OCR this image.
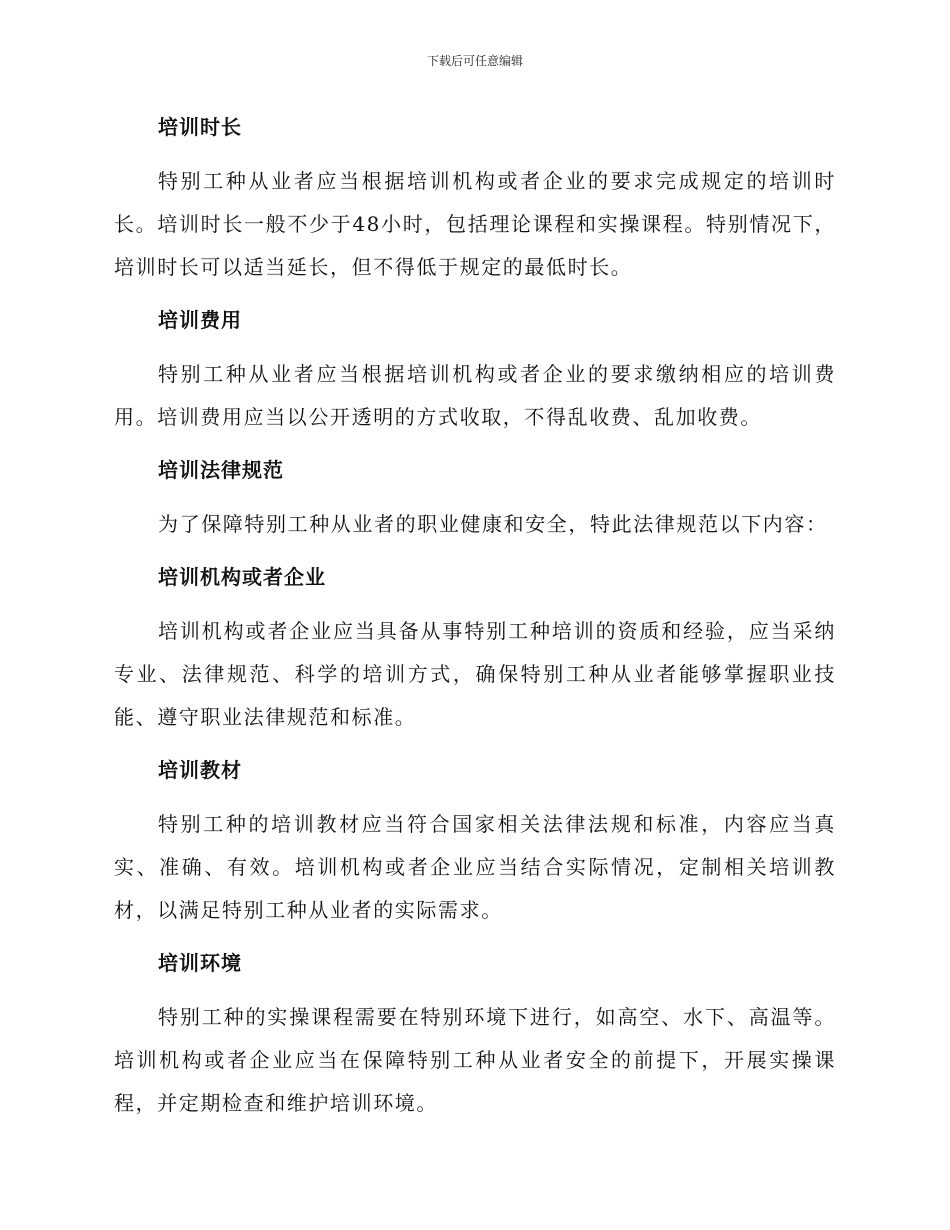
下载后可任意编辑
培训时长

特别工种从业者应当根据培训机构或者企业的要求完成规定的培训时长。培训时长一般不少于48小时，包括理论课程和实操课程。特别情况下，培训时长可以适当延长，但不得低于规定的最低时长。

培训费用

特别工种从业者应当根据培训机构或者企业的要求缴纳相应的培训费用。培训费用应当以公开透明的方式收取，不得乱收费、乱加收费。

培训法律规范

为了保障特别工种从业者的职业健康和安全，特此法律规范以下内容：

培训机构或者企业

培训机构或者企业应当具备从事特别工种培训的资质和经验，应当采纳专业、法律规范、科学的培训方式，确保特别工种从业者能够掌握职业技能、遵守职业法律规范和标准。

培训教材

特别工种的培训教材应当符合国家相关法律法规和标准，内容应当真实、准确、有效。培训机构或者企业应当结合实际情况，定制相关培训教材，以满足特别工种从业者的实际需求。

培训环境

特别工种的实操课程需要在特别环境下进行，如高空、水下、高温等。培训机构或者企业应当在保障特别工种从业者安全的前提下，开展实操课程，并定期检查和维护培训环境。
